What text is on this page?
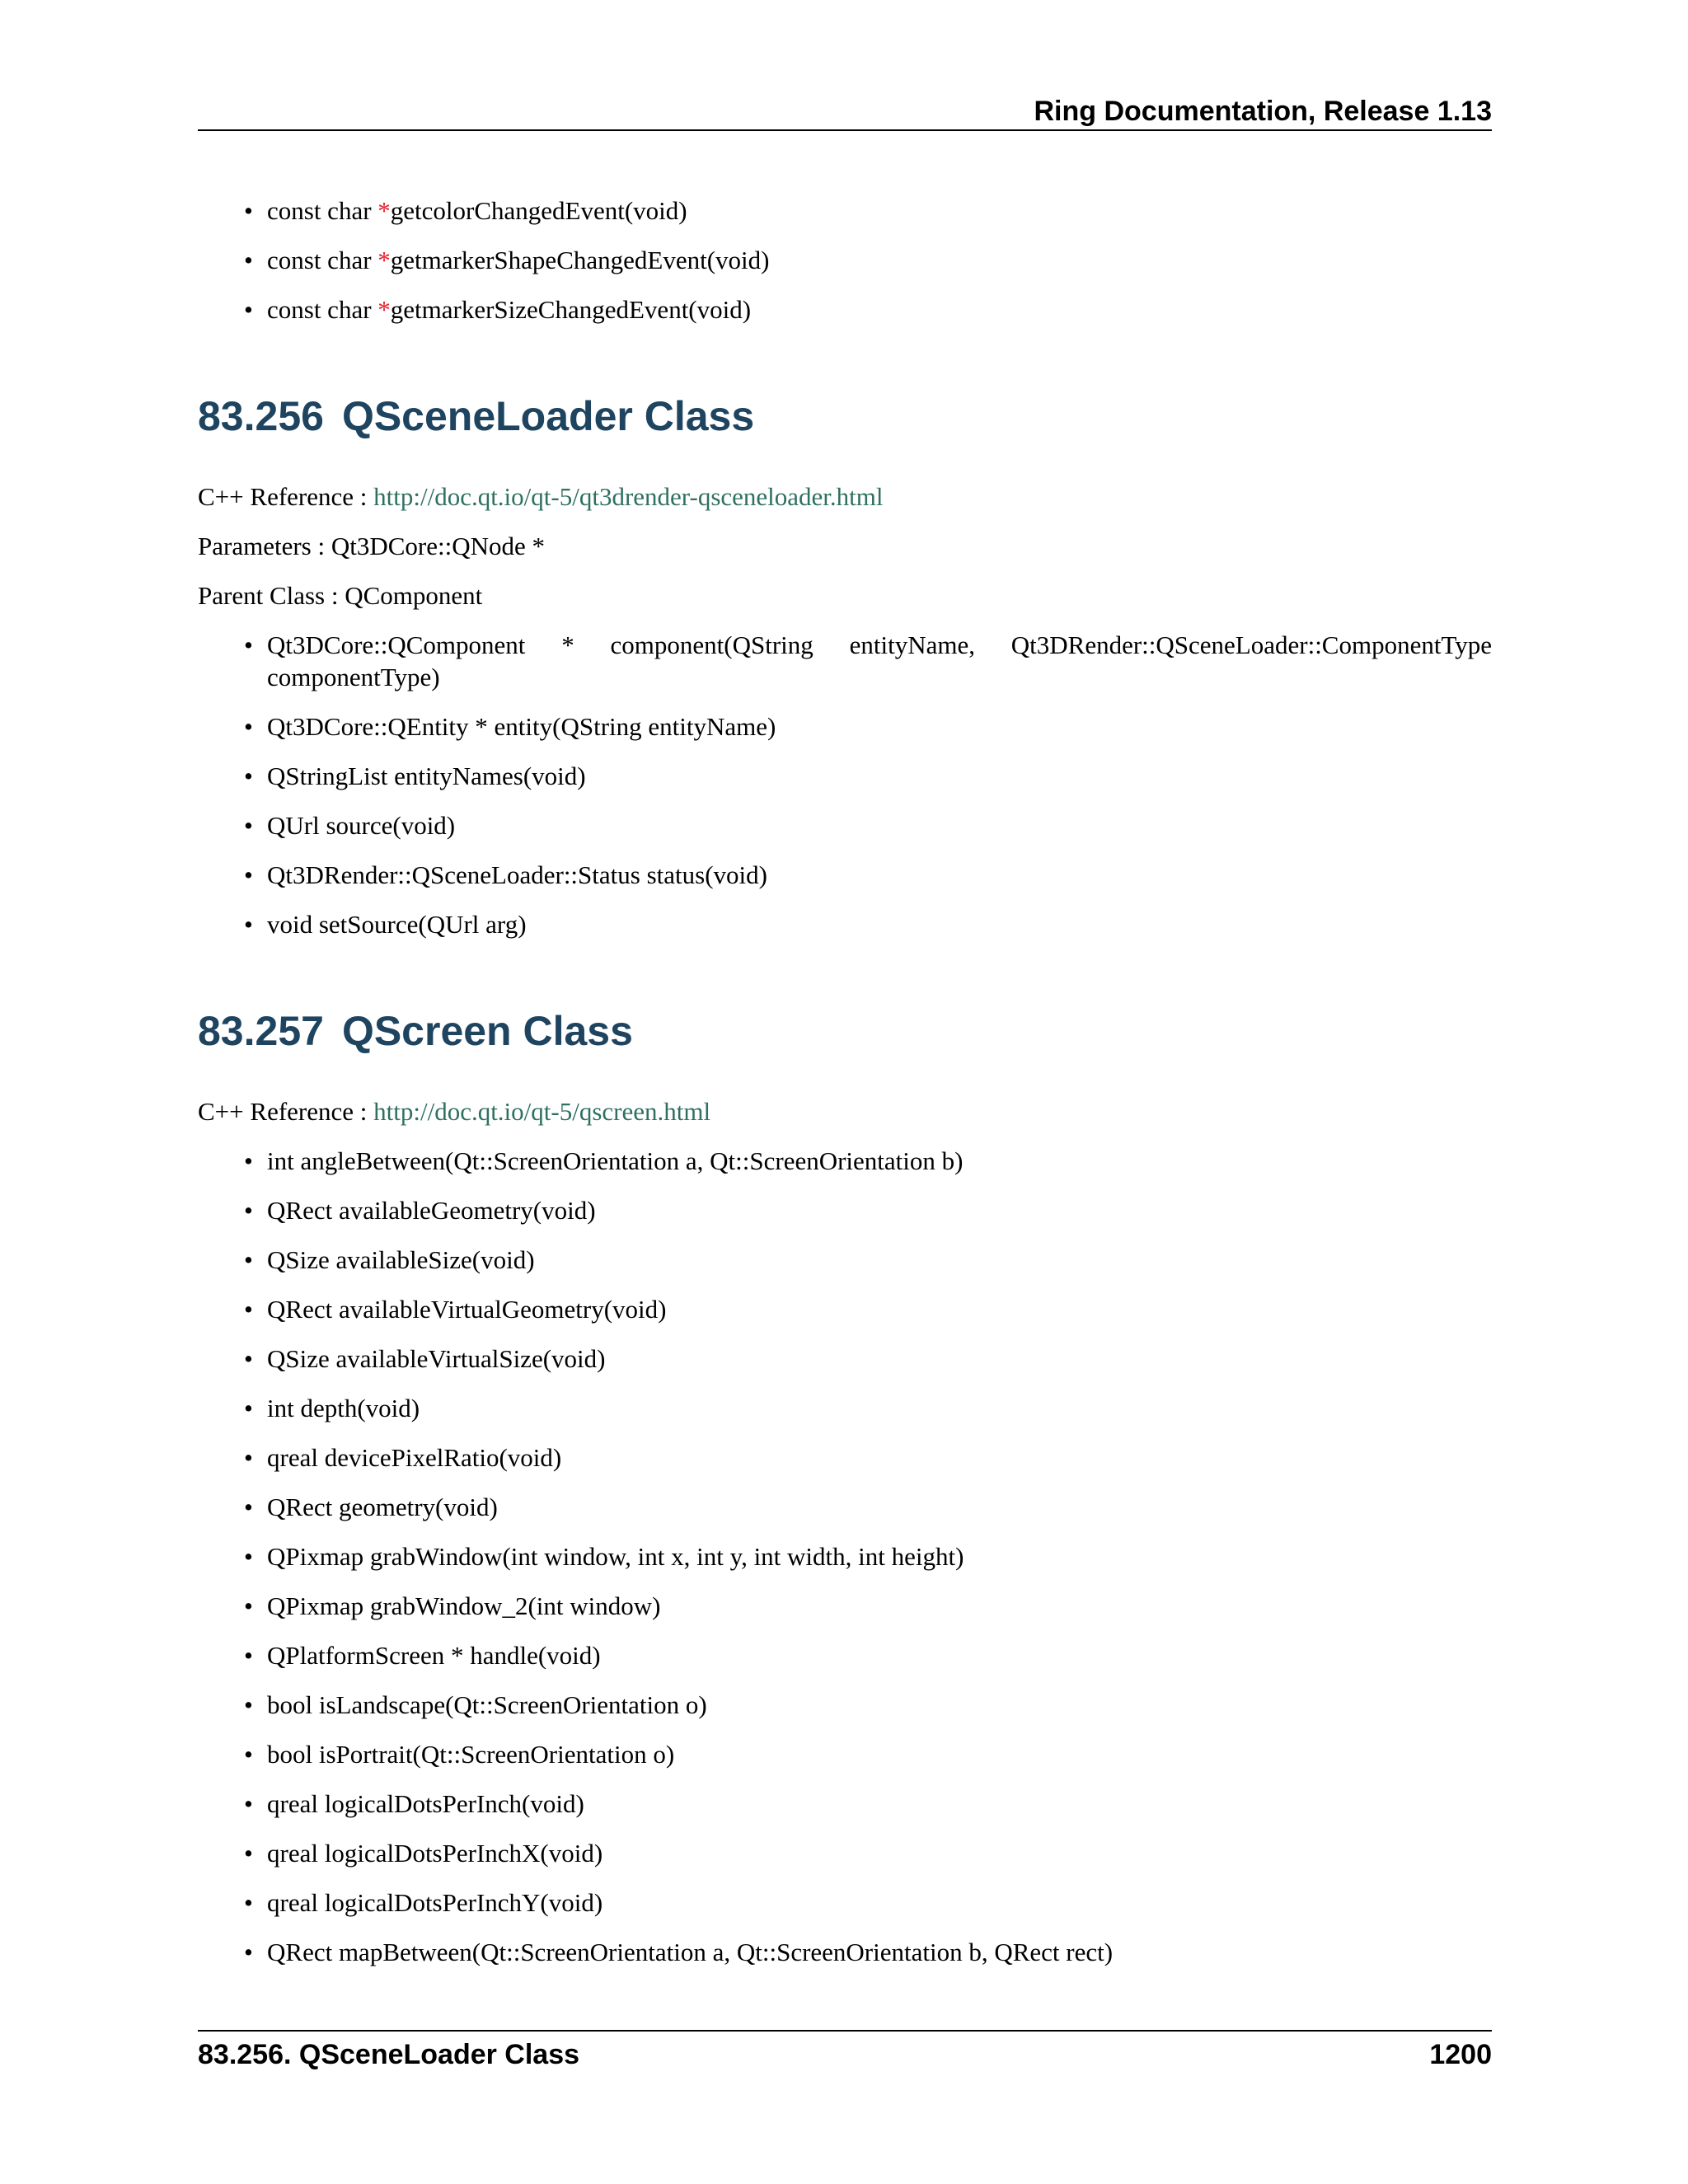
Ring Documentation, Release 1.13
• const char *getcolorChangedEvent(void)
• const char *getmarkerShapeChangedEvent(void)
• const char *getmarkerSizeChangedEvent(void)
83.256 QSceneLoader Class

C++ Reference : http://doc.qt.io/qt-5/qt3drender-qsceneloader.html

Parameters : Qt3DCore::QNode *

Parent Class : QComponent

• Qt3DCore::QComponent * component(QString entityName, Qt3DRender::QSceneLoader::ComponentType componentType)
• Qt3DCore::QEntity * entity(QString entityName)
• QStringList entityNames(void)
• QUrl source(void)
• Qt3DRender::QSceneLoader::Status status(void)
• void setSource(QUrl arg)
83.257 QScreen Class

C++ Reference : http://doc.qt.io/qt-5/qscreen.html

• int angleBetween(Qt::ScreenOrientation a, Qt::ScreenOrientation b)
• QRect availableGeometry(void)
• QSize availableSize(void)
• QRect availableVirtualGeometry(void)
• QSize availableVirtualSize(void)
• int depth(void)
• qreal devicePixelRatio(void)
• QRect geometry(void)
• QPixmap grabWindow(int window, int x, int y, int width, int height)
• QPixmap grabWindow_2(int window)
• QPlatformScreen * handle(void)
• bool isLandscape(Qt::ScreenOrientation o)
• bool isPortrait(Qt::ScreenOrientation o)
• qreal logicalDotsPerInch(void)
• qreal logicalDotsPerInchX(void)
• qreal logicalDotsPerInchY(void)
• QRect mapBetween(Qt::ScreenOrientation a, Qt::ScreenOrientation b, QRect rect)
83.256. QSceneLoader Class	1200
